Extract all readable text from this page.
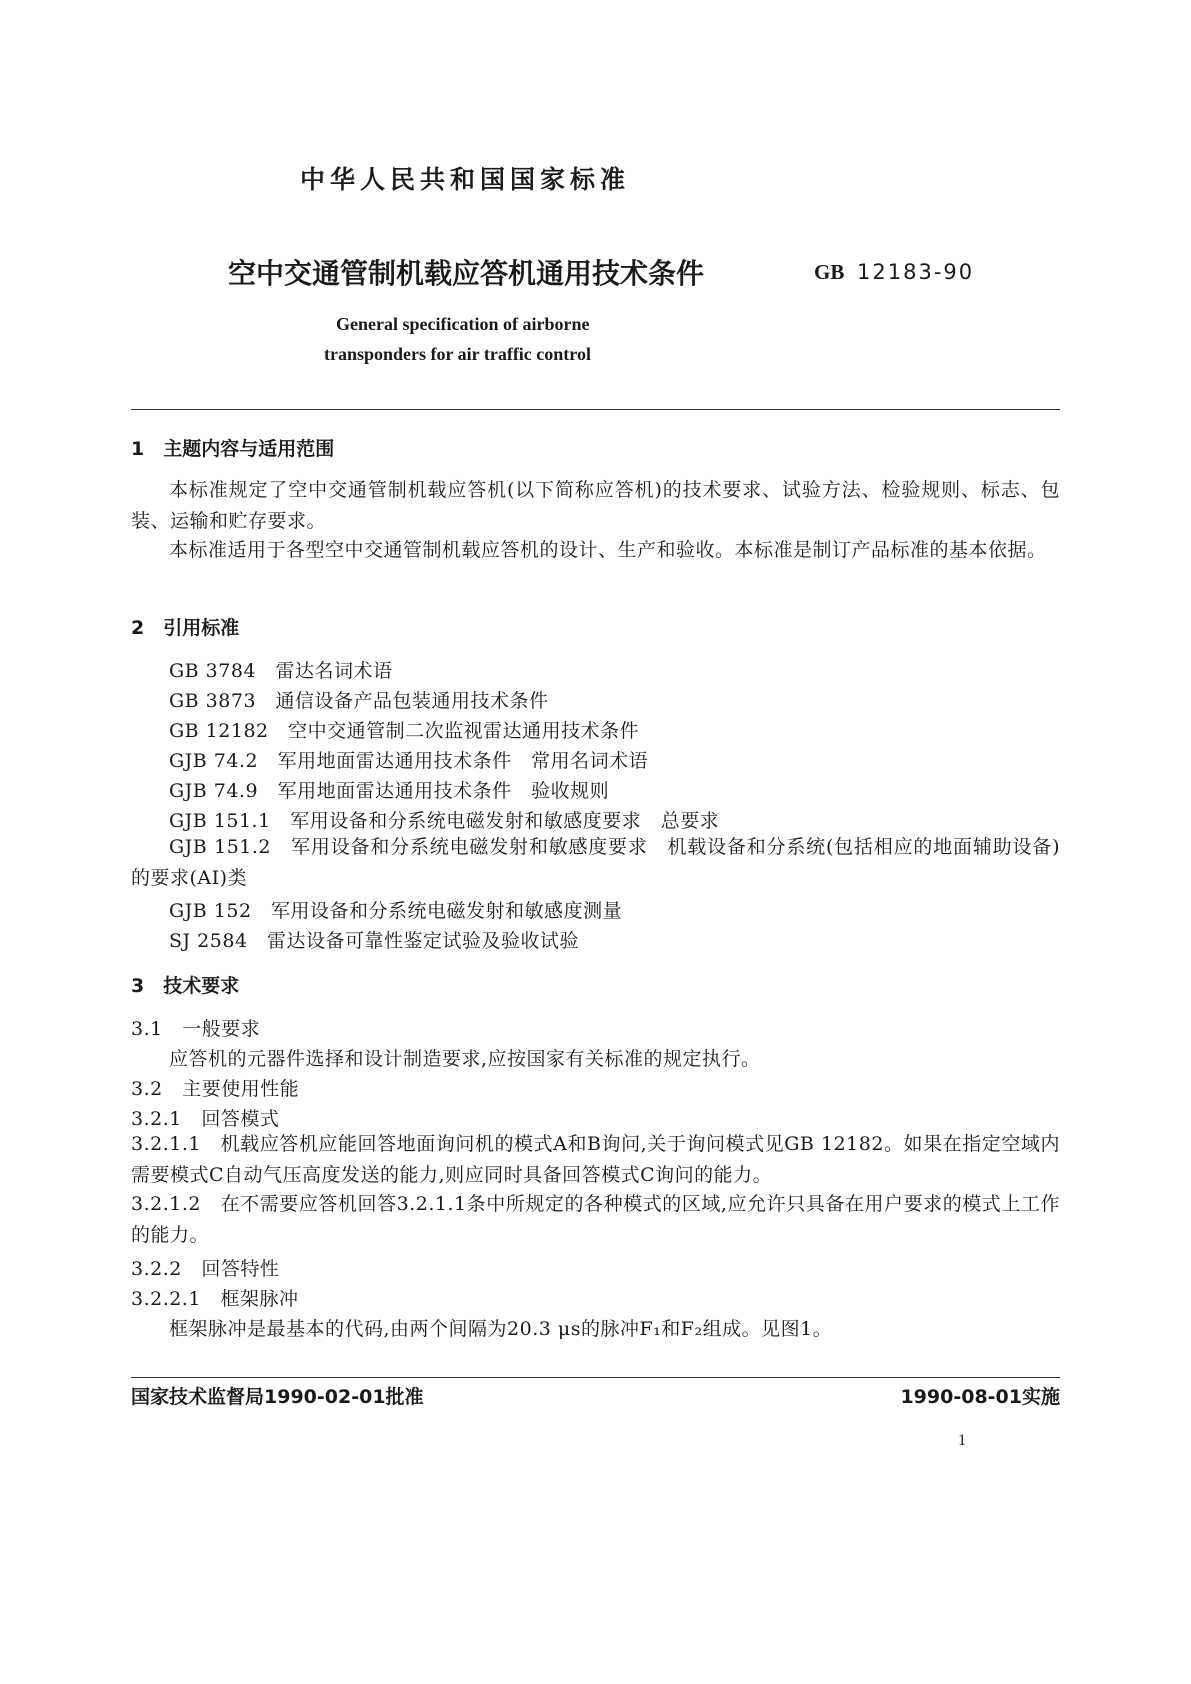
中华人民共和国国家标准
空中交通管制机载应答机通用技术条件	GB 12183-90
General specification of airborne
transponders for air traffic control
1　主题内容与适用范围
本标准规定了空中交通管制机载应答机(以下简称应答机)的技术要求、试验方法、检验规则、标志、包装、运输和贮存要求。
本标准适用于各型空中交通管制机载应答机的设计、生产和验收。本标准是制订产品标准的基本依据。
2　引用标准
GB 3784　雷达名词术语
GB 3873　通信设备产品包装通用技术条件
GB 12182　空中交通管制二次监视雷达通用技术条件
GJB 74.2　军用地面雷达通用技术条件　常用名词术语
GJB 74.9　军用地面雷达通用技术条件　验收规则
GJB 151.1　军用设备和分系统电磁发射和敏感度要求　总要求
GJB 151.2　军用设备和分系统电磁发射和敏感度要求　机载设备和分系统(包括相应的地面辅助设备)的要求(AI)类
GJB 152　军用设备和分系统电磁发射和敏感度测量
SJ 2584　雷达设备可靠性鉴定试验及验收试验
3　技术要求
3.1　一般要求
应答机的元器件选择和设计制造要求,应按国家有关标准的规定执行。
3.2　主要使用性能
3.2.1　回答模式
3.2.1.1　机载应答机应能回答地面询问机的模式A和B询问,关于询问模式见GB 12182。如果在指定空域内需要模式C自动气压高度发送的能力,则应同时具备回答模式C询问的能力。
3.2.1.2　在不需要应答机回答3.2.1.1条中所规定的各种模式的区域,应允许只具备在用户要求的模式上工作的能力。
3.2.2　回答特性
3.2.2.1　框架脉冲
框架脉冲是最基本的代码,由两个间隔为20.3 μs的脉冲F₁和F₂组成。见图1。
国家技术监督局1990-02-01批准	1990-08-01实施
1
